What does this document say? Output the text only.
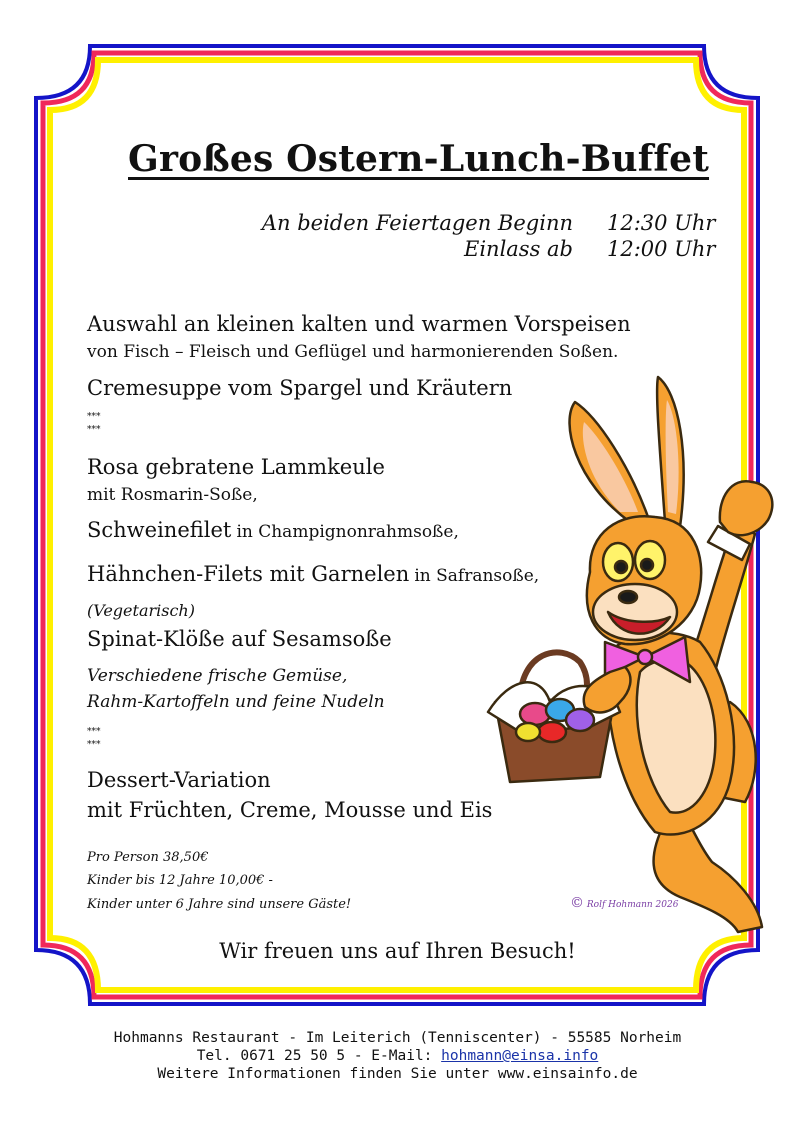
Großes Ostern-Lunch-Buffet
An beiden Feiertagen Beginn 12:30 Uhr
Einlass ab 12:00 Uhr
Auswahl an kleinen kalten und warmen Vorspeisen
von Fisch – Fleisch und Geflügel und harmonierenden Soßen.
Cremesuppe vom Spargel und Kräutern
***
***
Rosa gebratene Lammkeule
mit Rosmarin-Soße,
Schweinefilet in Champignonrahmsoße,
Hähnchen-Filets mit Garnelen in Safransoße,
(Vegetarisch)
Spinat-Klöße auf Sesamsoße
Verschiedene frische Gemüse,
Rahm-Kartoffeln und feine Nudeln
***
***
Dessert-Variation
mit Früchten, Creme, Mousse und Eis
Pro Person 38,50€
Kinder bis 12 Jahre 10,00€ -
Kinder unter 6 Jahre sind unsere Gäste!	© Rolf Hohmann 2026
Wir freuen uns auf Ihren Besuch!
Hohmanns Restaurant - Im Leiterich (Tenniscenter) - 55585 Norheim
Tel. 0671 25 50 5 - E-Mail: hohmann@einsa.info
Weitere Informationen finden Sie unter www.einsainfo.de
